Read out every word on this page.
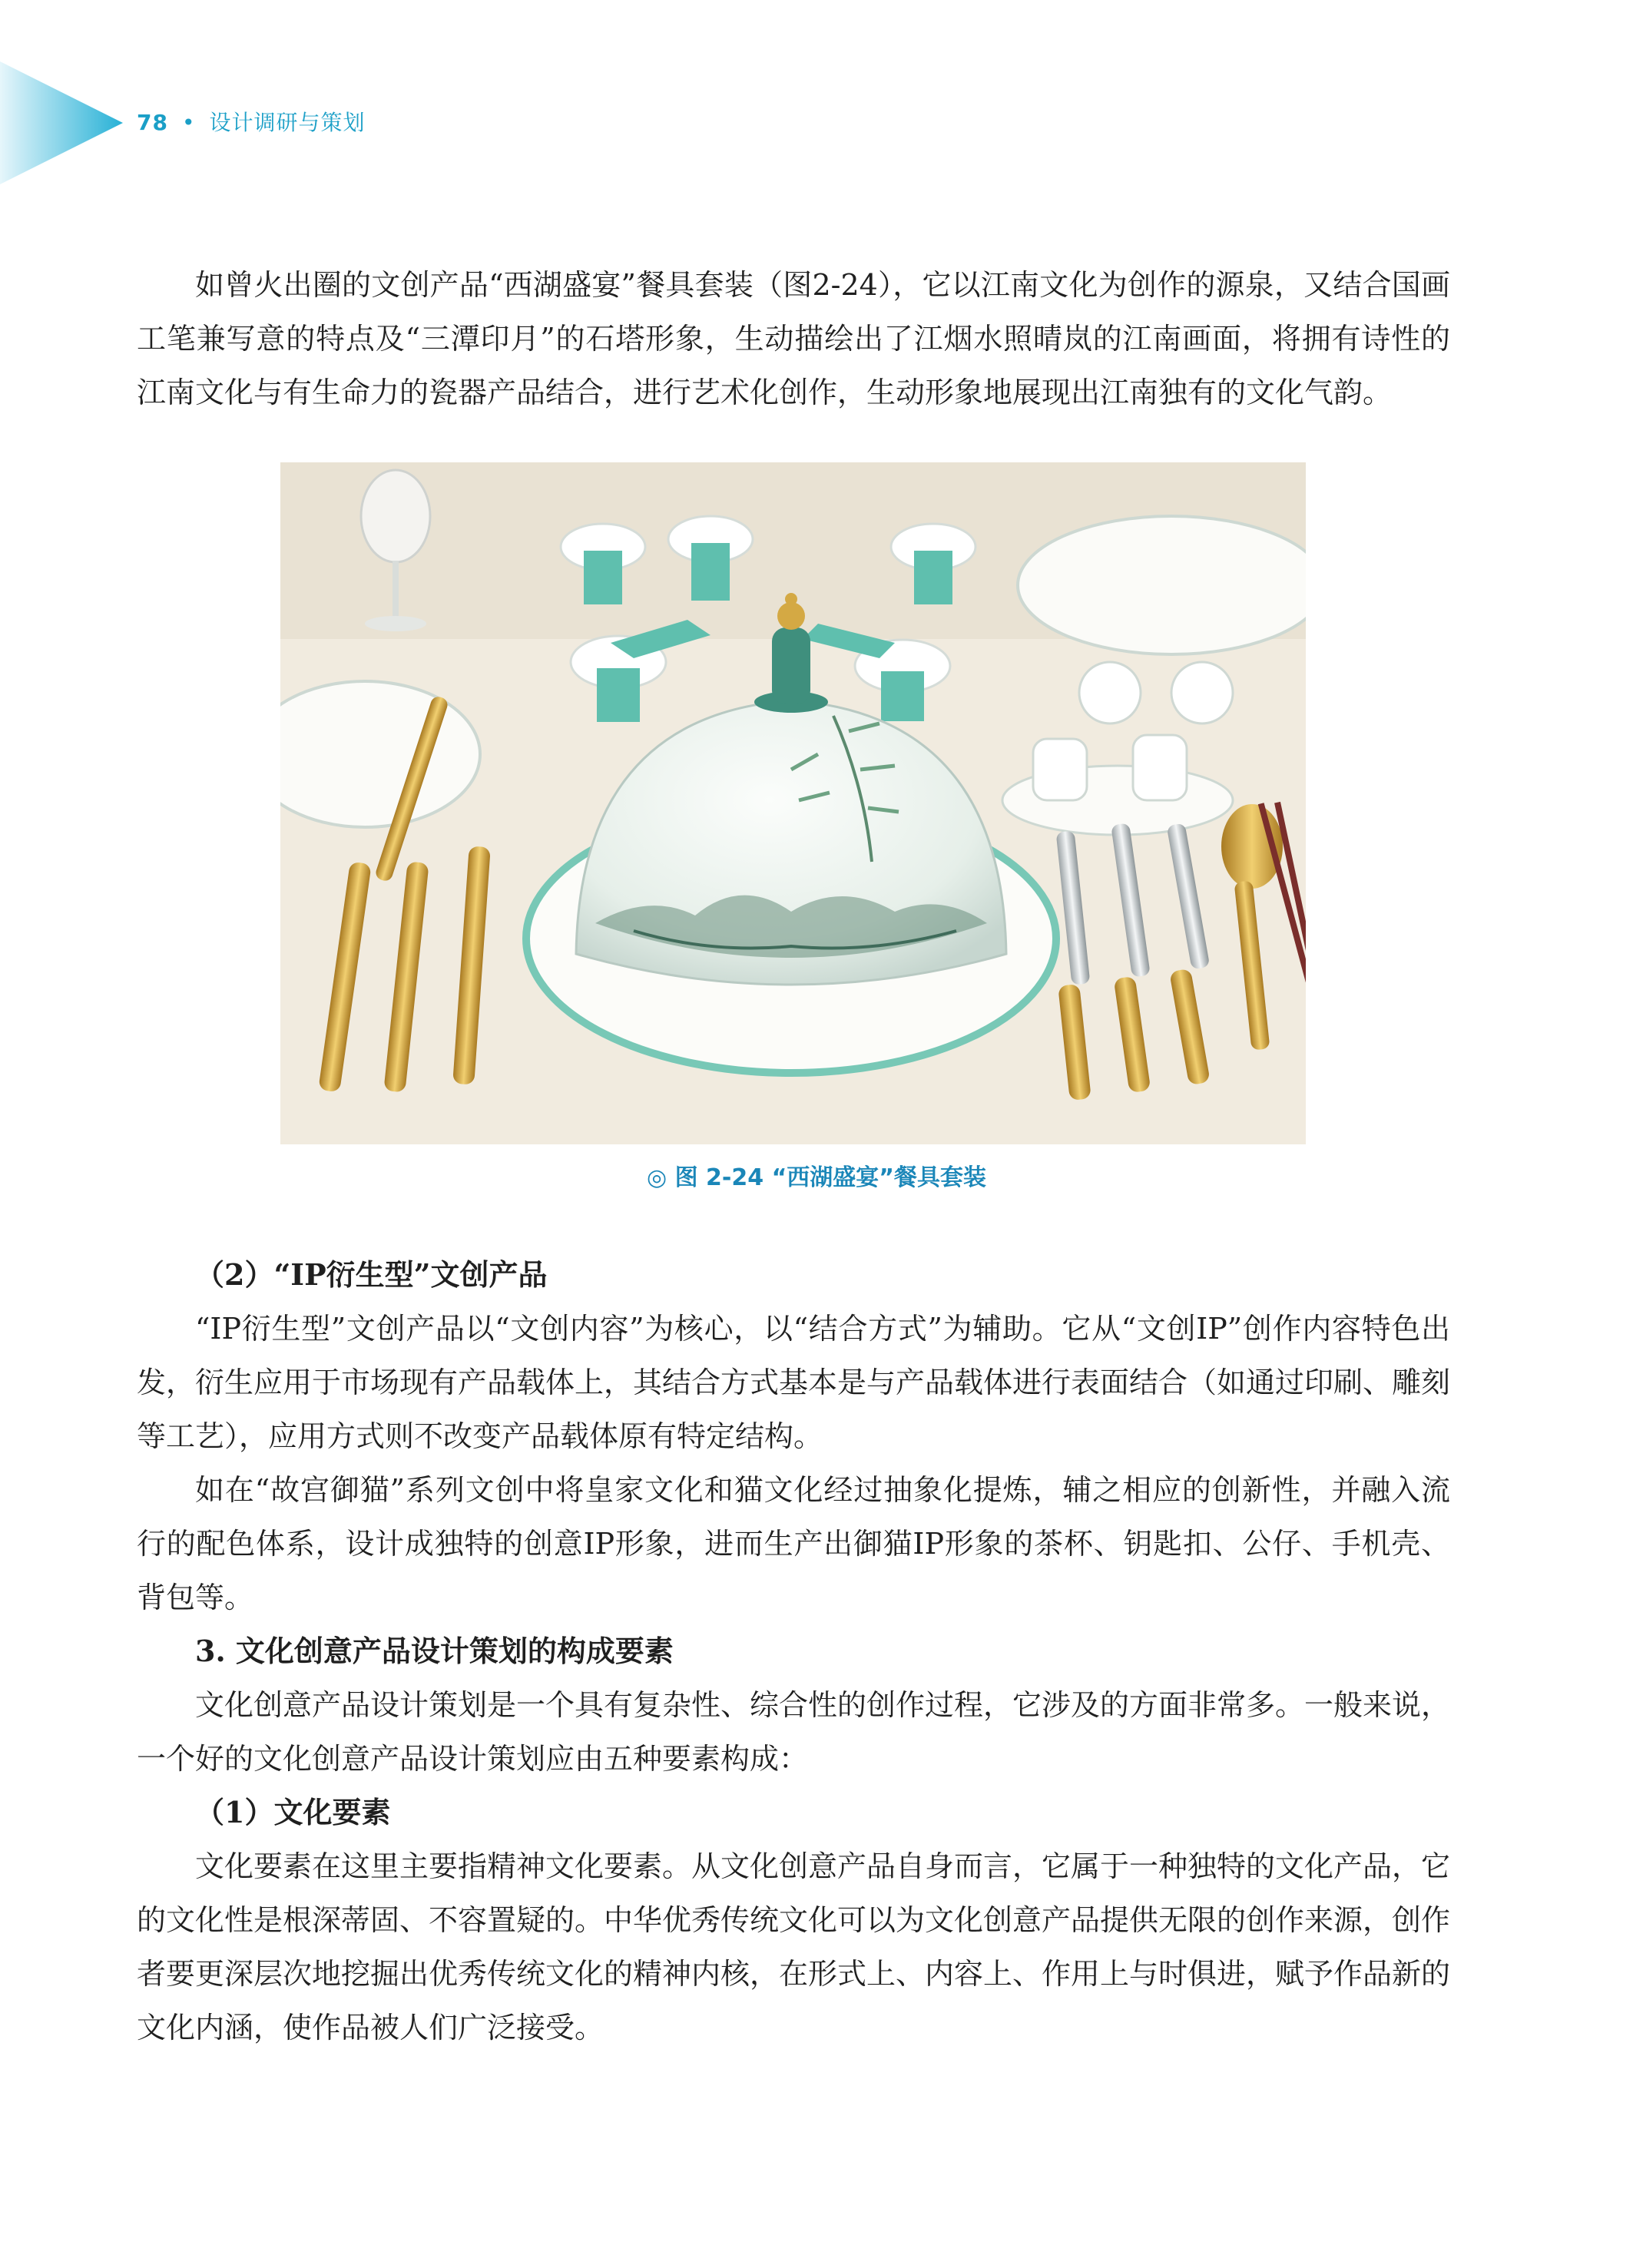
78 • 设计调研与策划

如曾火出圈的文创产品“西湖盛宴”餐具套装（图2-24），它以江南文化为创作的源泉，又结合国画工笔兼写意的特点及“三潭印月”的石塔形象，生动描绘出了江烟水照晴岚的江南画面，将拥有诗性的江南文化与有生命力的瓷器产品结合，进行艺术化创作，生动形象地展现出江南独有的文化气韵。

◎ 图 2-24 “西湖盛宴”餐具套装

（2）“IP衍生型”文创产品

“IP衍生型”文创产品以“文创内容”为核心，以“结合方式”为辅助。它从“文创IP”创作内容特色出发，衍生应用于市场现有产品载体上，其结合方式基本是与产品载体进行表面结合（如通过印刷、雕刻等工艺），应用方式则不改变产品载体原有特定结构。

如在“故宫御猫”系列文创中将皇家文化和猫文化经过抽象化提炼，辅之相应的创新性，并融入流行的配色体系，设计成独特的创意IP形象，进而生产出御猫IP形象的茶杯、钥匙扣、公仔、手机壳、背包等。

3. 文化创意产品设计策划的构成要素

文化创意产品设计策划是一个具有复杂性、综合性的创作过程，它涉及的方面非常多。一般来说，一个好的文化创意产品设计策划应由五种要素构成：

（1）文化要素

文化要素在这里主要指精神文化要素。从文化创意产品自身而言，它属于一种独特的文化产品，它的文化性是根深蒂固、不容置疑的。中华优秀传统文化可以为文化创意产品提供无限的创作来源，创作者要更深层次地挖掘出优秀传统文化的精神内核，在形式上、内容上、作用上与时俱进，赋予作品新的文化内涵，使作品被人们广泛接受。
